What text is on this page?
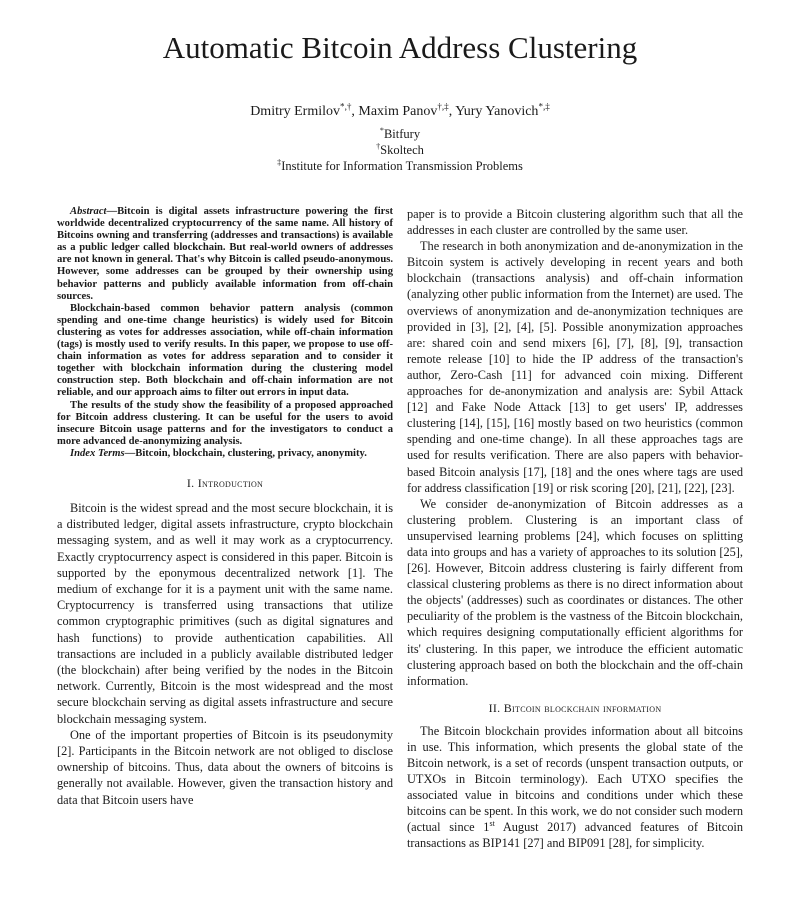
Automatic Bitcoin Address Clustering
Dmitry Ermilov*,†, Maxim Panov†,‡, Yury Yanovich*,‡
*Bitfury
†Skoltech
‡Institute for Information Transmission Problems

Abstract—Bitcoin is digital assets infrastructure powering the first worldwide decentralized cryptocurrency of the same name. All history of Bitcoins owning and transferring (addresses and transactions) is available as a public ledger called blockchain. But real-world owners of addresses are not known in general. That's why Bitcoin is called pseudo-anonymous. However, some addresses can be grouped by their ownership using behavior patterns and publicly available information from off-chain sources.

Blockchain-based common behavior pattern analysis (common spending and one-time change heuristics) is widely used for Bitcoin clustering as votes for addresses association, while off-chain information (tags) is mostly used to verify results. In this paper, we propose to use off-chain information as votes for address separation and to consider it together with blockchain information during the clustering model construction step. Both blockchain and off-chain information are not reliable, and our approach aims to filter out errors in input data.

The results of the study show the feasibility of a proposed approached for Bitcoin address clustering. It can be useful for the users to avoid insecure Bitcoin usage patterns and for the investigators to conduct a more advanced de-anonymizing analysis.

Index Terms—Bitcoin, blockchain, clustering, privacy, anonymity.

I. Introduction

Bitcoin is the widest spread and the most secure blockchain, it is a distributed ledger, digital assets infrastructure, crypto blockchain messaging system, and as well it may work as a cryptocurrency. Exactly cryptocurrency aspect is considered in this paper. Bitcoin is supported by the eponymous decentralized network [1]. The medium of exchange for it is a payment unit with the same name. Cryptocurrency is transferred using transactions that utilize common cryptographic primitives (such as digital signatures and hash functions) to provide authentication capabilities. All transactions are included in a publicly available distributed ledger (the blockchain) after being verified by the nodes in the Bitcoin network. Currently, Bitcoin is the most widespread and the most secure blockchain serving as digital assets infrastructure and secure blockchain messaging system.

One of the important properties of Bitcoin is its pseudonymity [2]. Participants in the Bitcoin network are not obliged to disclose ownership of bitcoins. Thus, data about the owners of bitcoins is generally not available. However, given the transaction history and data that Bitcoin users have

paper is to provide a Bitcoin clustering algorithm such that all the addresses in each cluster are controlled by the same user.

The research in both anonymization and de-anonymization in the Bitcoin system is actively developing in recent years and both blockchain (transactions analysis) and off-chain information (analyzing other public information from the Internet) are used. The overviews of anonymization and de-anonymization techniques are provided in [3], [2], [4], [5]. Possible anonymization approaches are: shared coin and send mixers [6], [7], [8], [9], transaction remote release [10] to hide the IP address of the transaction's author, Zero-Cash [11] for advanced coin mixing. Different approaches for de-anonymization and analysis are: Sybil Attack [12] and Fake Node Attack [13] to get users' IP, addresses clustering [14], [15], [16] mostly based on two heuristics (common spending and one-time change). In all these approaches tags are used for results verification. There are also papers with behavior-based Bitcoin analysis [17], [18] and the ones where tags are used for address classification [19] or risk scoring [20], [21], [22], [23].

We consider de-anonymization of Bitcoin addresses as a clustering problem. Clustering is an important class of unsupervised learning problems [24], which focuses on splitting data into groups and has a variety of approaches to its solution [25], [26]. However, Bitcoin address clustering is fairly different from classical clustering problems as there is no direct information about the objects' (addresses) such as coordinates or distances. The other peculiarity of the problem is the vastness of the Bitcoin blockchain, which requires designing computationally efficient algorithms for its' clustering. In this paper, we introduce the efficient automatic clustering approach based on both the blockchain and the off-chain information.

II. Bitcoin blockchain information

The Bitcoin blockchain provides information about all bitcoins in use. This information, which presents the global state of the Bitcoin network, is a set of records (unspent transaction outputs, or UTXOs in Bitcoin terminology). Each UTXO specifies the associated value in bitcoins and conditions under which these bitcoins can be spent. In this work, we do not consider such modern (actual since 1st August 2017) advanced features of Bitcoin transactions as BIP141 [27] and BIP091 [28], for simplicity.
